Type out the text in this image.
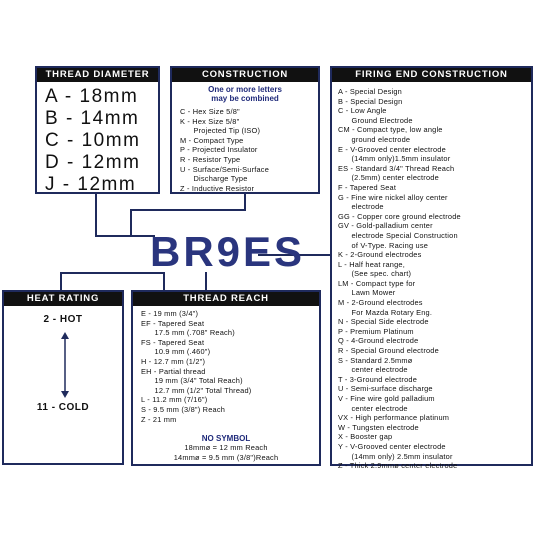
THREAD DIAMETER
A - 18mm
B - 14mm
C - 10mm
D - 12mm
J - 12mm
CONSTRUCTION
One or more letters
may be combined
C - Hex Size 5/8"
K - Hex Size 5/8"
Projected Tip (ISO)
M - Compact Type
P - Projected Insulator
R - Resistor Type
U - Surface/Semi-Surface
Discharge Type
Z - Inductive Resistor
FIRING END CONSTRUCTION
A - Special Design
B - Special Design
C - Low Angle
Ground Electrode
CM - Compact type, low angle
ground electrode
E - V-Grooved center electrode
(14mm only)1.5mm insulator
ES - Standard 3/4" Thread Reach
(2.5mm) center electrode
F - Tapered Seat
G - Fine wire nickel alloy center
electrode
GG - Copper core ground electrode
GV - Gold-palladium center
electrode Special Construction
of V-Type. Racing use
K - 2-Ground electrodes
L - Half heat range,
(See spec. chart)
LM - Compact type for
Lawn Mower
M - 2-Ground electrodes
For Mazda Rotary Eng.
N - Special Side electrode
P - Premium Platinum
Q - 4-Ground electrode
R - Special Ground electrode
S - Standard 2.5mmø
center electrode
T - 3-Ground electrode
U - Semi-surface discharge
V - Fine wire gold palladium
center electrode
VX - High performance platinum
W - Tungsten electrode
X - Booster gap
Y - V-Grooved center electrode
(14mm only) 2.5mm insulator
Z - Thick 2.9mmø center electrode
BR9ES
HEAT RATING
2 - HOT
11 - COLD
THREAD REACH
E - 19 mm (3/4")
EF - Tapered Seat
17.5 mm (.708" Reach)
FS - Tapered Seat
10.9 mm (.460")
H - 12.7 mm (1/2")
EH - Partial thread
19 mm (3/4" Total Reach)
12.7 mm (1/2" Total Thread)
L - 11.2 mm (7/16")
S - 9.5 mm (3/8") Reach
Z - 21 mm
NO SYMBOL
18mmø = 12 mm Reach
14mmø = 9.5 mm (3/8")Reach
